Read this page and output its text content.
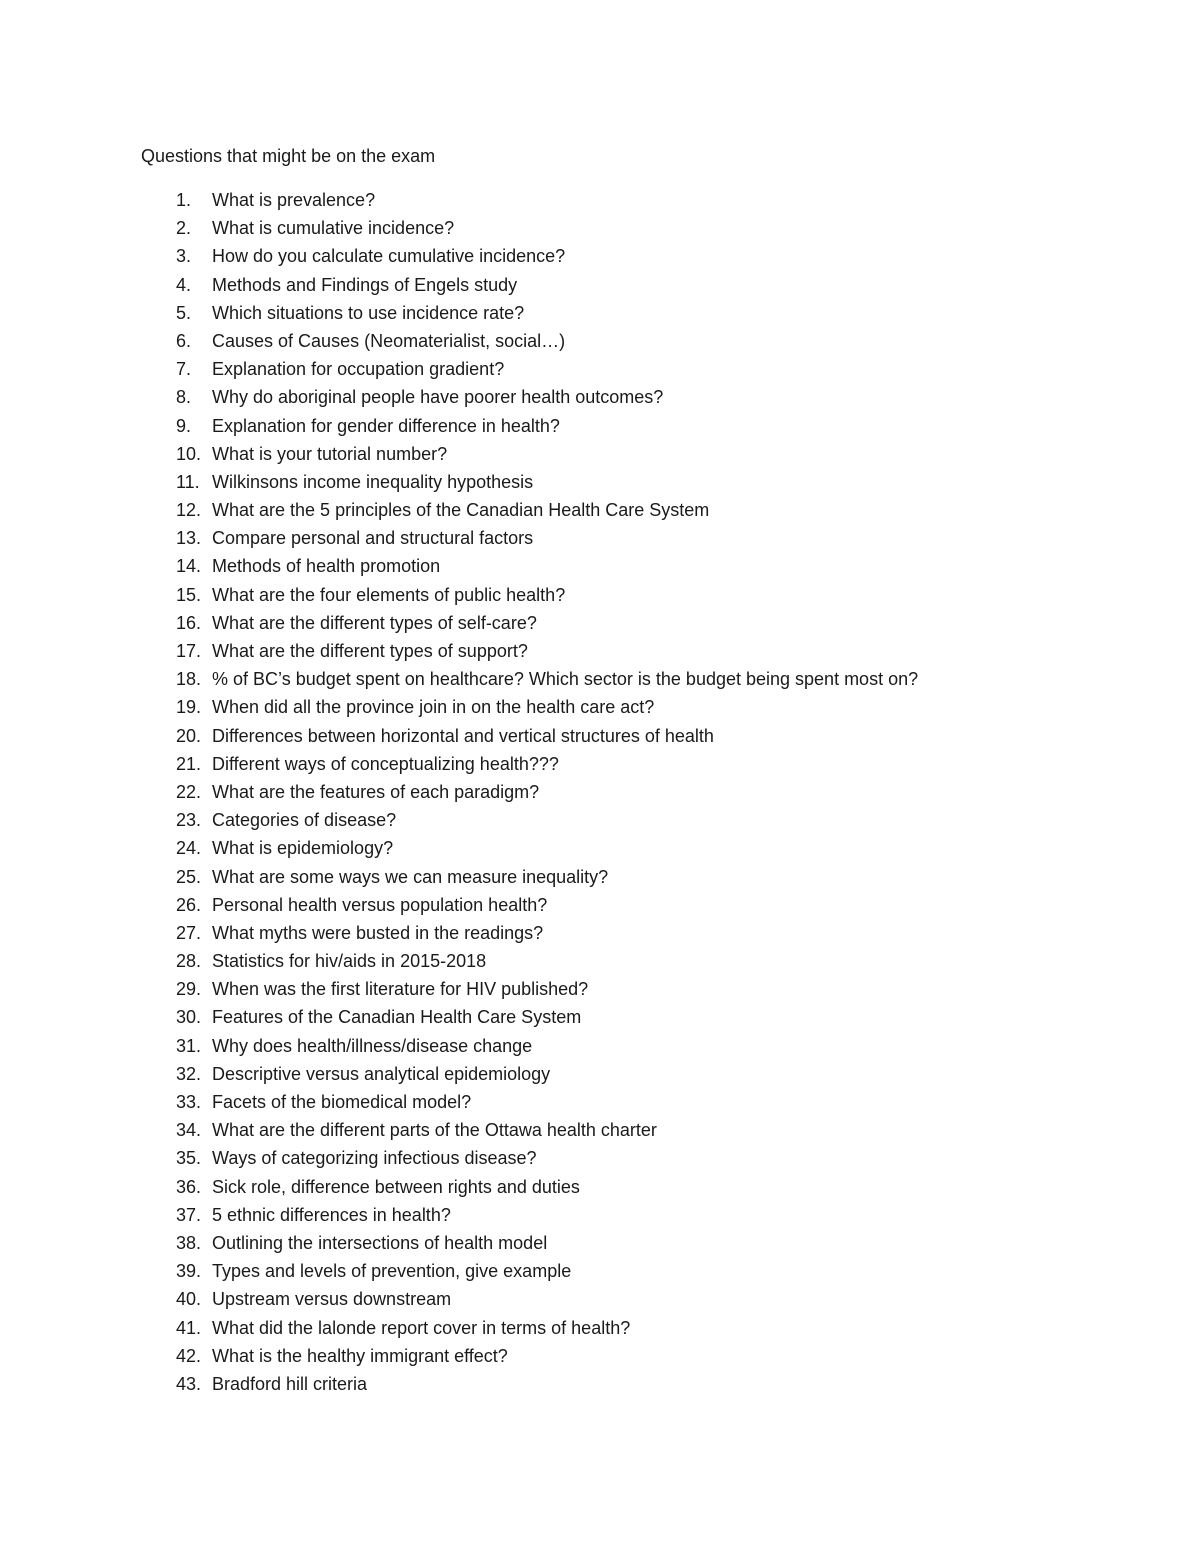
Questions that might be on the exam
1. What is prevalence?
2. What is cumulative incidence?
3. How do you calculate cumulative incidence?
4. Methods and Findings of Engels study
5. Which situations to use incidence rate?
6. Causes of Causes (Neomaterialist, social…)
7. Explanation for occupation gradient?
8. Why do aboriginal people have poorer health outcomes?
9. Explanation for gender difference in health?
10. What is your tutorial number?
11. Wilkinsons income inequality hypothesis
12. What are the 5 principles of the Canadian Health Care System
13. Compare personal and structural factors
14. Methods of health promotion
15. What are the four elements of public health?
16. What are the different types of self-care?
17. What are the different types of support?
18. % of BC’s budget spent on healthcare? Which sector is the budget being spent most on?
19. When did all the province join in on the health care act?
20. Differences between horizontal and vertical structures of health
21. Different ways of conceptualizing health???
22. What are the features of each paradigm?
23. Categories of disease?
24. What is epidemiology?
25. What are some ways we can measure inequality?
26. Personal health versus population health?
27. What myths were busted in the readings?
28. Statistics for hiv/aids in 2015-2018
29. When was the first literature for HIV published?
30. Features of the Canadian Health Care System
31. Why does health/illness/disease change
32. Descriptive versus analytical epidemiology
33. Facets of the biomedical model?
34. What are the different parts of the Ottawa health charter
35. Ways of categorizing infectious disease?
36. Sick role, difference between rights and duties
37. 5 ethnic differences in health?
38. Outlining the intersections of health model
39. Types and levels of prevention, give example
40. Upstream versus downstream
41. What did the lalonde report cover in terms of health?
42. What is the healthy immigrant effect?
43. Bradford hill criteria
